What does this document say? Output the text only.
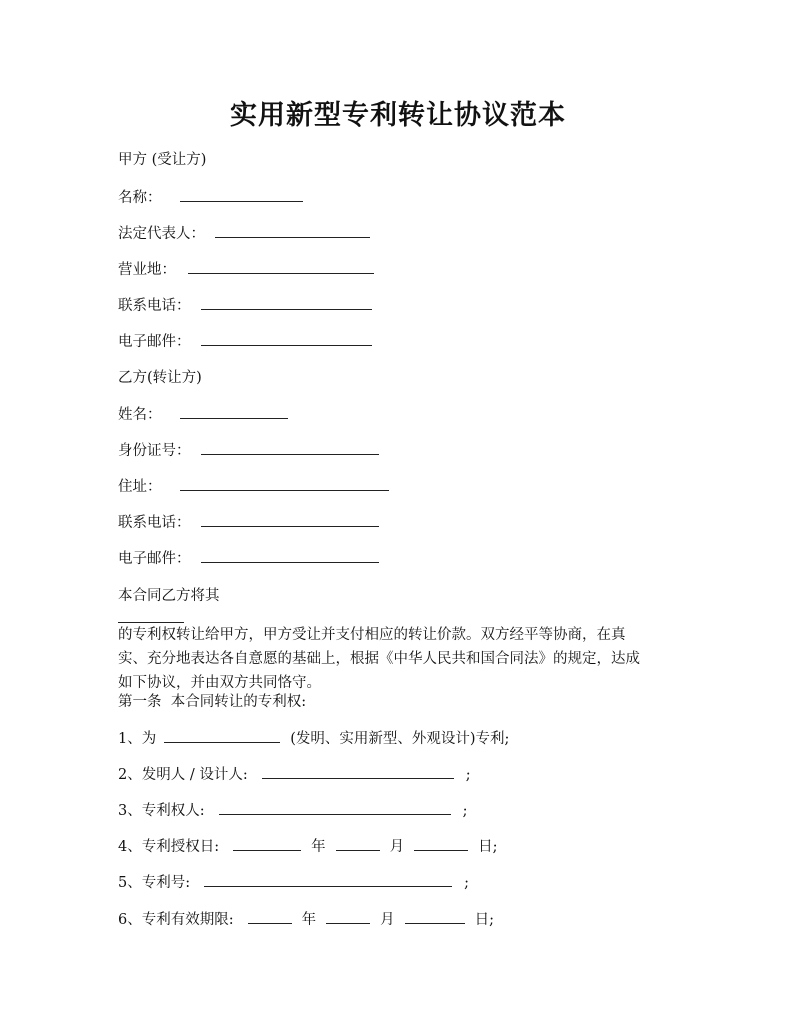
实用新型专利转让协议范本
甲方 (受让方)
名称：
法定代表人：
营业地：
联系电话：
电子邮件：
乙方(转让方)
姓名：
身份证号：
住址：
联系电话：
电子邮件：
本合同乙方将其
的专利权转让给甲方，甲方受让并支付相应的转让价款。双方经平等协商，在真
实、充分地表达各自意愿的基础上，根据《中华人民共和国合同法》的规定，达成
如下协议，并由双方共同恪守。
第一条  本合同转让的专利权:
1、为	(发明、实用新型、外观设计)专利;
2、发明人 / 设计人:	;
3、专利权人:	;
4、专利授权日:	年	月	日;
5、专利号:	;
6、专利有效期限:	年	月	日;
